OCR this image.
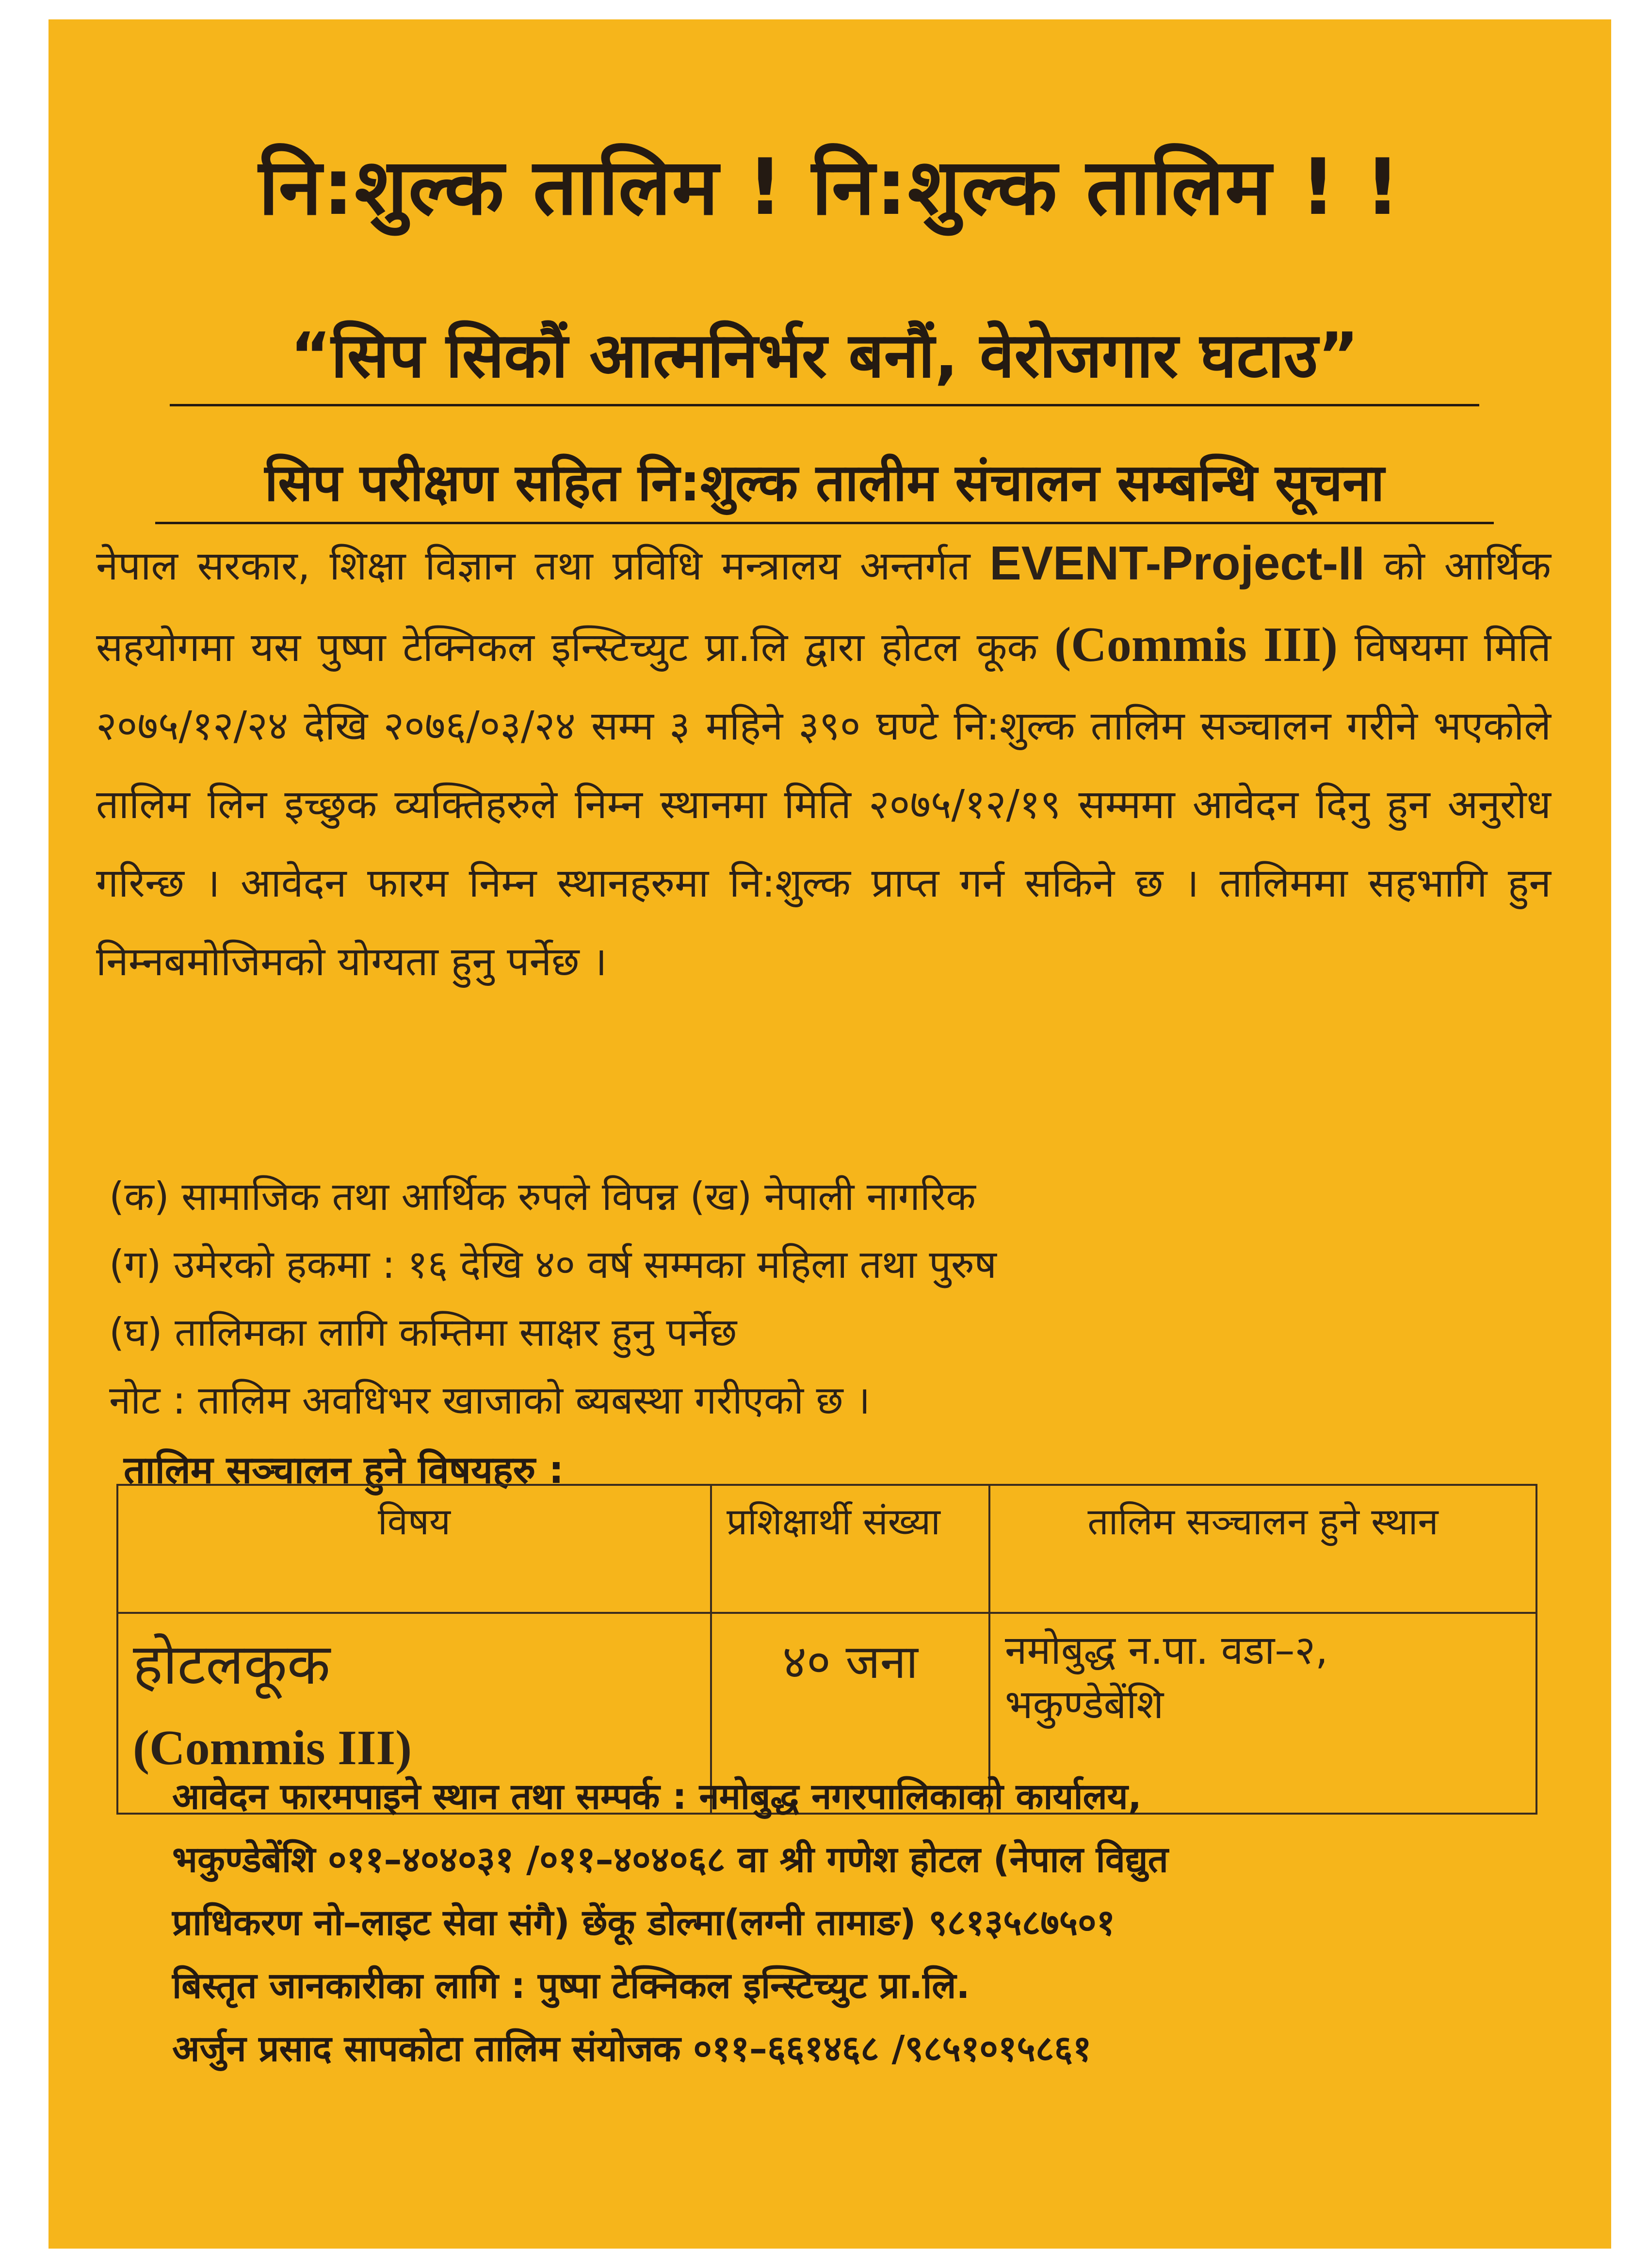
नि:शुल्क तालिम ! नि:शुल्क तालिम ! !
“सिप सिकौं आत्मनिर्भर बनौं, वेरोजगार घटाउ”
सिप परीक्षण सहित नि:शुल्क तालीम संचालन सम्बन्धि सूचना
नेपाल सरकार, शिक्षा विज्ञान तथा प्रविधि मन्त्रालय अन्तर्गत EVENT-Project-II को आर्थिक सहयोगमा यस पुष्पा टेक्निकल इन्स्टिच्युट प्रा.लि द्वारा होटल कूक (Commis III) विषयमा मिति २०७५/१२/२४ देखि २०७६/०३/२४ सम्म ३ महिने ३९० घण्टे नि:शुल्क तालिम सञ्चालन गरीने भएकोले तालिम लिन इच्छुक व्यक्तिहरुले निम्न स्थानमा मिति २०७५/१२/१९ सम्ममा आवेदन दिनु हुन अनुरोध गरिन्छ । आवेदन फारम निम्न स्थानहरुमा नि:शुल्क प्राप्त गर्न सकिने छ । तालिममा सहभागि हुन निम्नबमोजिमको योग्यता हुनु पर्नेछ ।
(क) सामाजिक तथा आर्थिक रुपले विपन्न (ख) नेपाली नागरिक
(ग) उमेरको हकमा : १६ देखि ४० वर्ष सम्मका महिला तथा पुरुष
(घ) तालिमका लागि कम्तिमा साक्षर हुनु पर्नेछ
नोट : तालिम अवधिभर खाजाको ब्यबस्था गरीएको छ ।
तालिम सञ्चालन हुने विषयहरु :
विषय	प्रशिक्षार्थी संख्या	तालिम सञ्चालन हुने स्थान

होटलकूक
(Commis III)	४० जना	नमोबुद्ध न.पा. वडा–२,
भकुण्डेबेंशि
आवेदन फारमपाइने स्थान तथा सम्पर्क : नमोबुद्ध नगरपालिकाको कार्यालय,
भकुण्डेबेंशि ०११–४०४०३१ /०११–४०४०६८ वा श्री गणेश होटल (नेपाल विद्युत
प्राधिकरण नो–लाइट सेवा संगै) छेंकू डोल्मा(लग्नी तामाङ) ९८१३५८७५०१
बिस्तृत जानकारीका लागि : पुष्पा टेक्निकल इन्स्टिच्युट प्रा.लि.
अर्जुन प्रसाद सापकोटा तालिम संयोजक ०११–६६१४६८ /९८५१०१५८६१
